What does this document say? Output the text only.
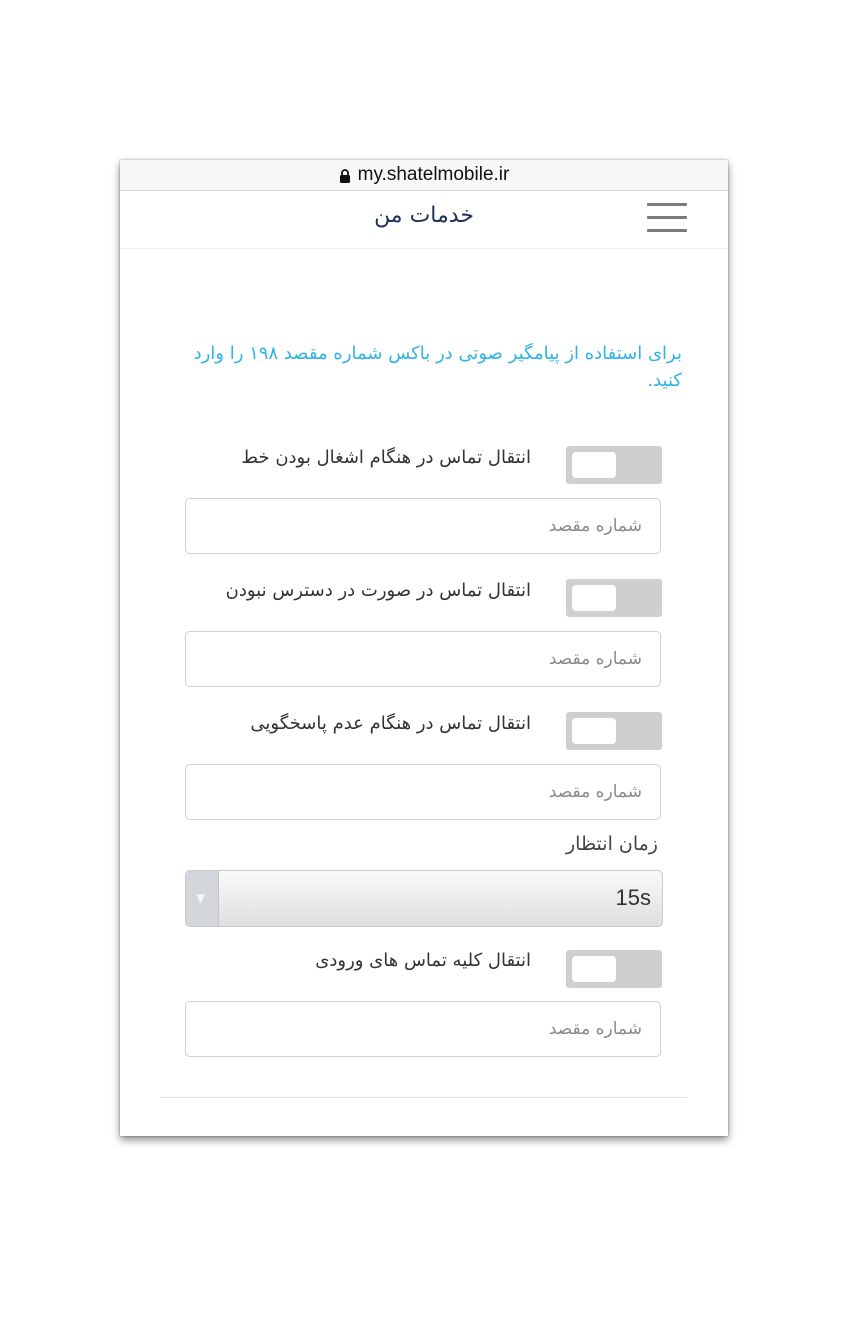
my.shatelmobile.ir
خدمات من
برای استفاده از پیامگیر صوتی در باکس شماره مقصد ۱۹۸ را وارد کنید.
انتقال تماس در هنگام اشغال بودن خط
شماره مقصد
انتقال تماس در صورت در دسترس نبودن
شماره مقصد
انتقال تماس در هنگام عدم پاسخگویی
شماره مقصد
زمان انتظار
▼	15s
انتقال کلیه تماس های ورودی
شماره مقصد
